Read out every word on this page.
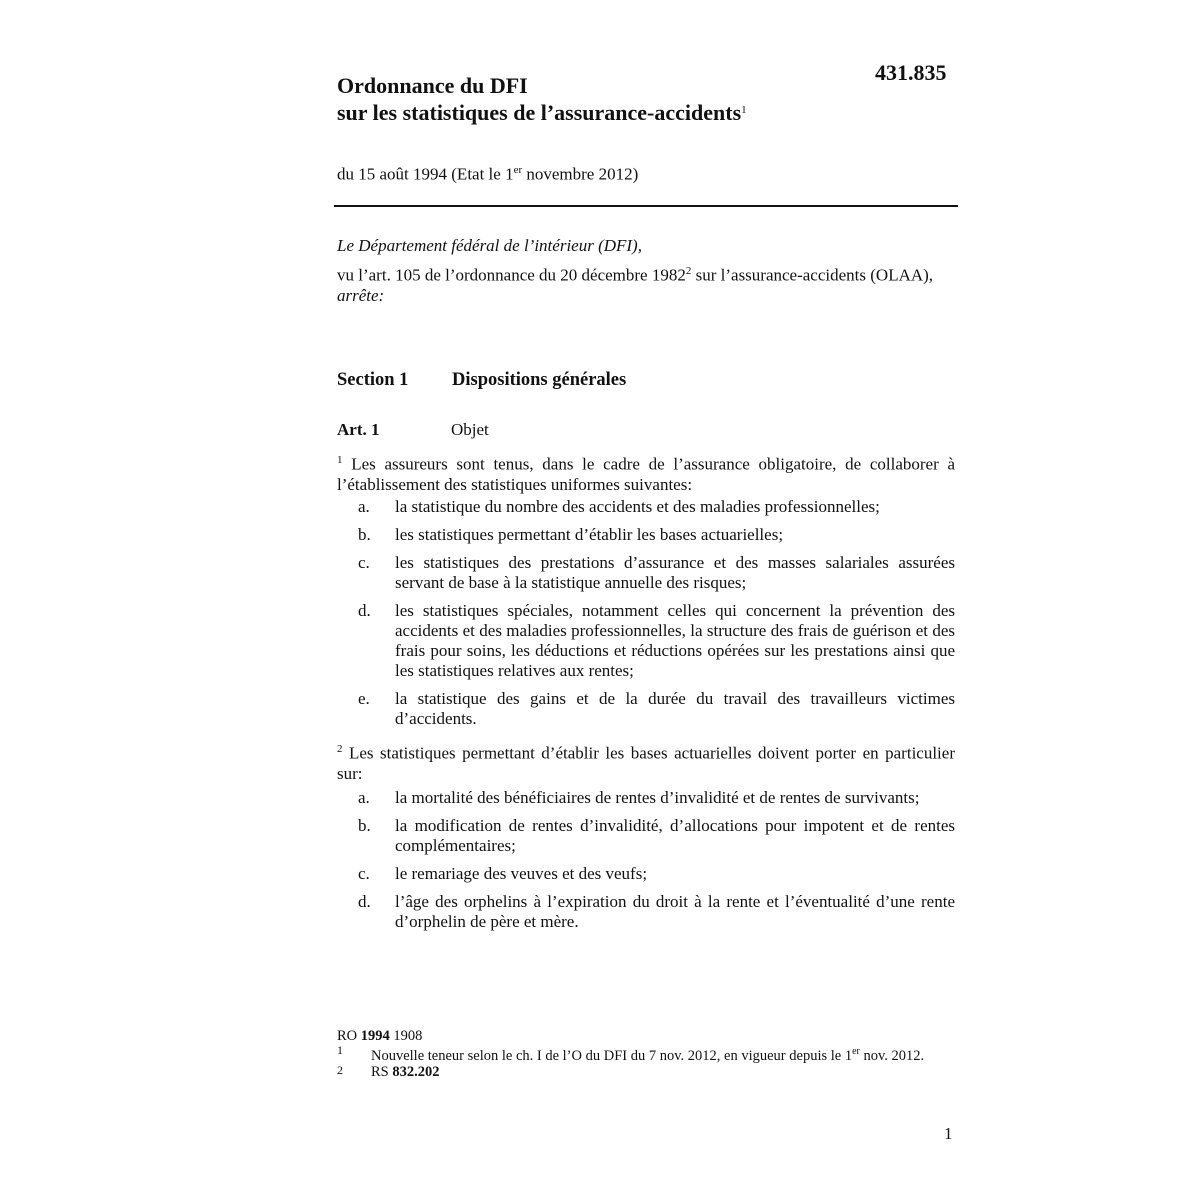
431.835
Ordonnance du DFI
sur les statistiques de l’assurance-accidents$^1$
du 15 août 1994 (Etat le 1er novembre 2012)
Le Département fédéral de l’intérieur (DFI),
vu l’art. 105 de l’ordonnance du 20 décembre 1982$^2$ sur l’assurance-accidents (OLAA),
arrête:
Section 1 Dispositions générales
Art. 1	Objet
$^1$ Les assureurs sont tenus, dans le cadre de l’assurance obligatoire, de collaborer à l’établissement des statistiques uniformes suivantes:
a. la statistique du nombre des accidents et des maladies professionnelles;
b. les statistiques permettant d’établir les bases actuarielles;
c. les statistiques des prestations d’assurance et des masses salariales assurées servant de base à la statistique annuelle des risques;
d. les statistiques spéciales, notamment celles qui concernent la prévention des accidents et des maladies professionnelles, la structure des frais de guérison et des frais pour soins, les déductions et réductions opérées sur les prestations ainsi que les statistiques relatives aux rentes;
e. la statistique des gains et de la durée du travail des travailleurs victimes d’accidents.
$^2$ Les statistiques permettant d’établir les bases actuarielles doivent porter en particulier sur:
a. la mortalité des bénéficiaires de rentes d’invalidité et de rentes de survivants;
b. la modification de rentes d’invalidité, d’allocations pour impotent et de rentes complémentaires;
c. le remariage des veuves et des veufs;
d. l’âge des orphelins à l’expiration du droit à la rente et l’éventualité d’une rente d’orphelin de père et mère.
RO 1994 1908
1 Nouvelle teneur selon le ch. I de l’O du DFI du 7 nov. 2012, en vigueur depuis le 1er nov. 2012.
2 RS 832.202
1
